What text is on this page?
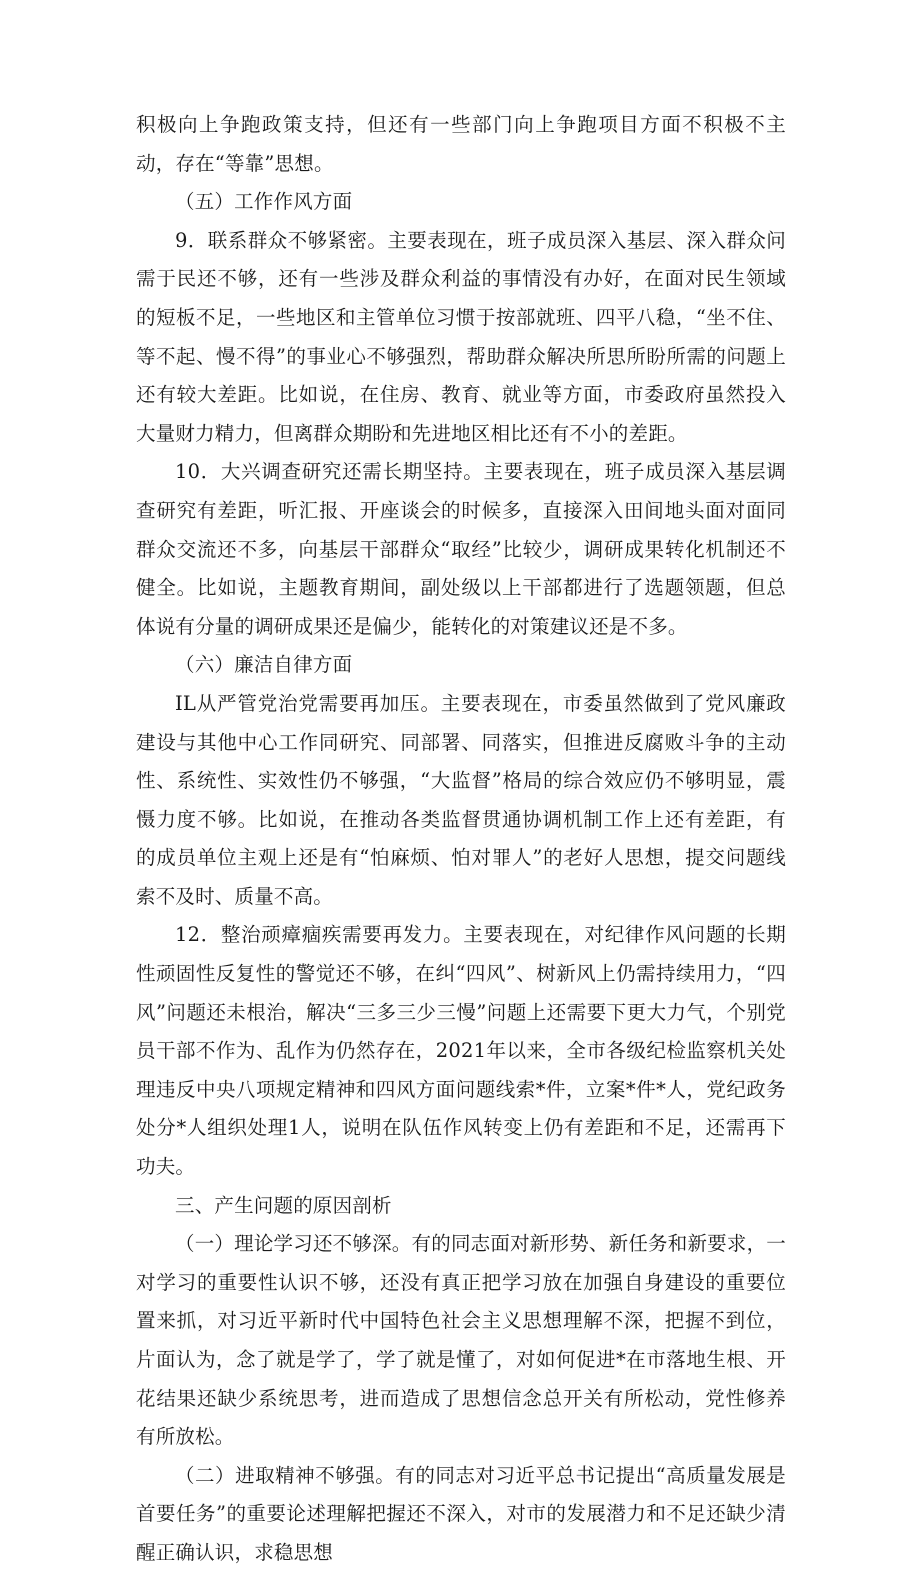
积极向上争跑政策支持，但还有一些部门向上争跑项目方面不积极不主动，存在“等靠”思想。

（五）工作作风方面

9．联系群众不够紧密。主要表现在，班子成员深入基层、深入群众问需于民还不够，还有一些涉及群众利益的事情没有办好，在面对民生领域的短板不足，一些地区和主管单位习惯于按部就班、四平八稳，“坐不住、等不起、慢不得”的事业心不够强烈，帮助群众解决所思所盼所需的问题上还有较大差距。比如说，在住房、教育、就业等方面，市委政府虽然投入大量财力精力，但离群众期盼和先进地区相比还有不小的差距。

10．大兴调查研究还需长期坚持。主要表现在，班子成员深入基层调查研究有差距，听汇报、开座谈会的时候多，直接深入田间地头面对面同群众交流还不多，向基层干部群众“取经”比较少，调研成果转化机制还不健全。比如说，主题教育期间，副处级以上干部都进行了选题领题，但总体说有分量的调研成果还是偏少，能转化的对策建议还是不多。

（六）廉洁自律方面

IL从严管党治党需要再加压。主要表现在，市委虽然做到了党风廉政建设与其他中心工作同研究、同部署、同落实，但推进反腐败斗争的主动性、系统性、实效性仍不够强，“大监督”格局的综合效应仍不够明显，震慑力度不够。比如说，在推动各类监督贯通协调机制工作上还有差距，有的成员单位主观上还是有“怕麻烦、怕对罪人”的老好人思想，提交问题线索不及时、质量不高。

12．整治顽瘴痼疾需要再发力。主要表现在，对纪律作风问题的长期性顽固性反复性的警觉还不够，在纠“四风”、树新风上仍需持续用力，“四风”问题还未根治，解决“三多三少三慢”问题上还需要下更大力气，个别党员干部不作为、乱作为仍然存在，2021年以来，全市各级纪检监察机关处理违反中央八项规定精神和四风方面问题线索*件，立案*件*人，党纪政务处分*人组织处理1人，说明在队伍作风转变上仍有差距和不足，还需再下功夫。

三、产生问题的原因剖析

（一）理论学习还不够深。有的同志面对新形势、新任务和新要求，一对学习的重要性认识不够，还没有真正把学习放在加强自身建设的重要位置来抓，对习近平新时代中国特色社会主义思想理解不深，把握不到位，片面认为，念了就是学了，学了就是懂了，对如何促进*在市落地生根、开花结果还缺少系统思考，进而造成了思想信念总开关有所松动，党性修养有所放松。

（二）进取精神不够强。有的同志对习近平总书记提出“高质量发展是首要任务”的重要论述理解把握还不深入，对市的发展潜力和不足还缺少清醒正确认识，求稳思想
